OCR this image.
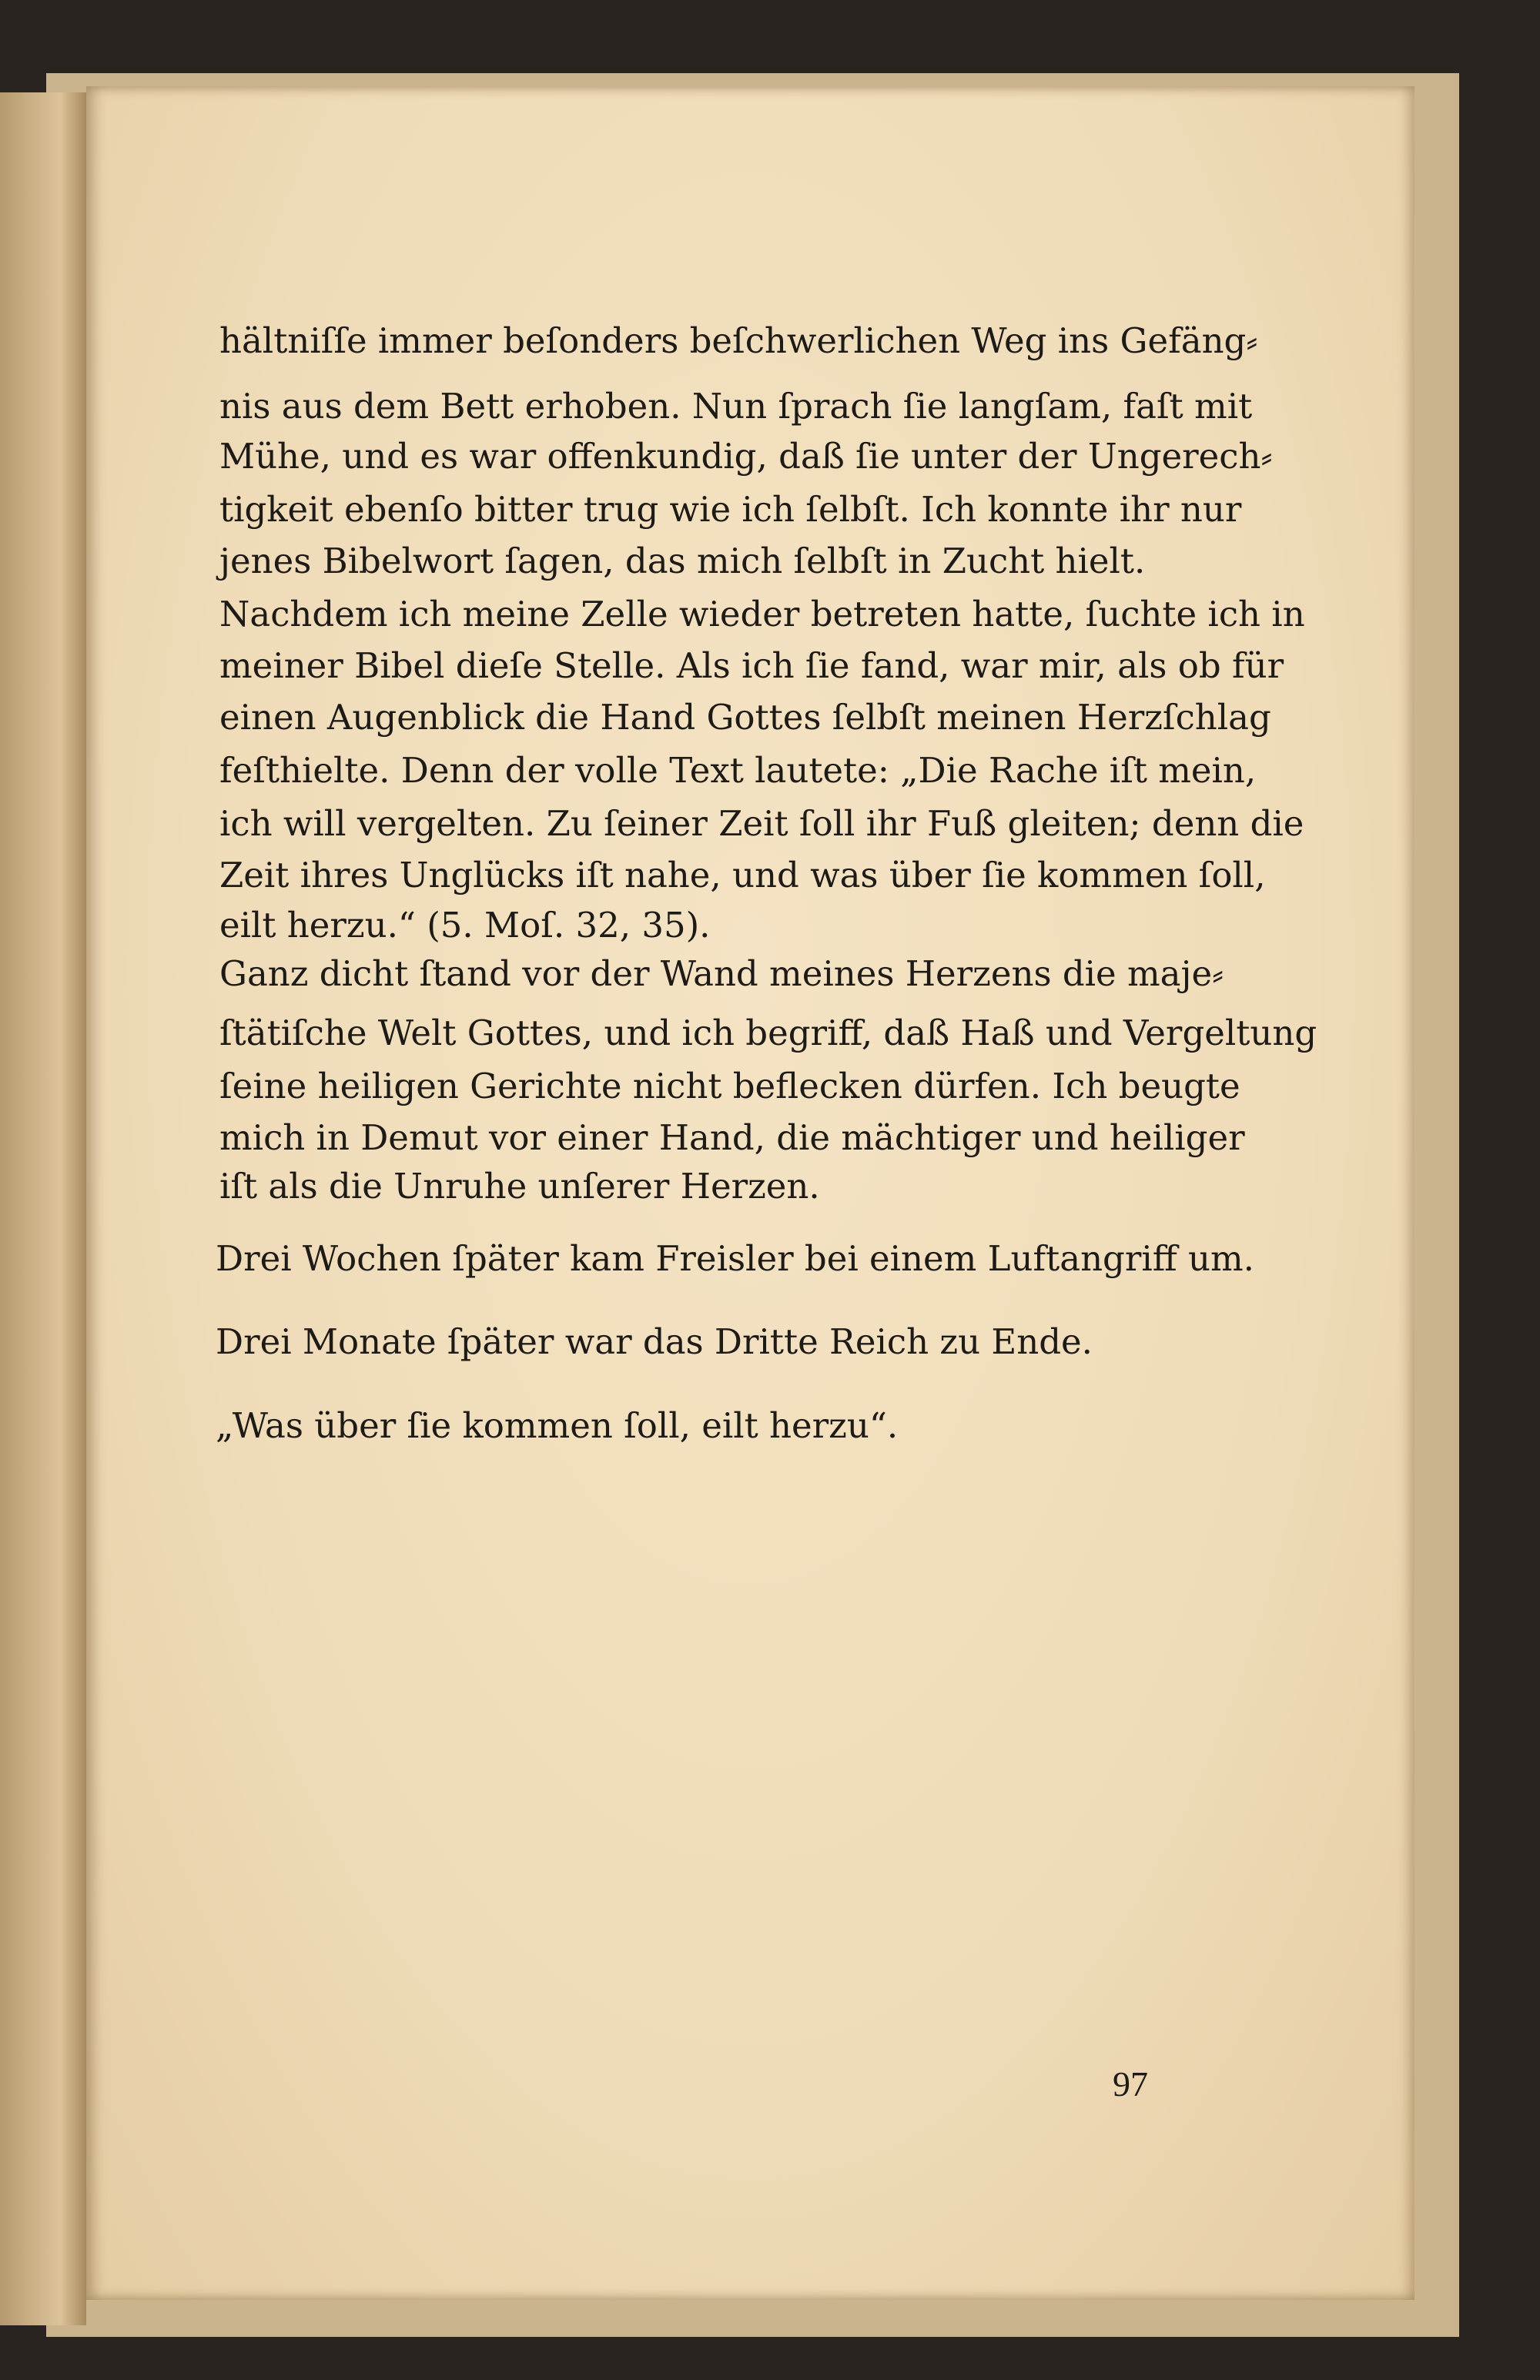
hältniſſe immer beſonders beſchwerlichen Weg ins Gefäng⸗
nis aus dem Bett erhoben. Nun ſprach ſie langſam, faſt mit
Mühe, und es war offenkundig, daß ſie unter der Ungerech⸗
tigkeit ebenſo bitter trug wie ich ſelbſt. Ich konnte ihr nur
jenes Bibelwort ſagen, das mich ſelbſt in Zucht hielt.
Nachdem ich meine Zelle wieder betreten hatte, ſuchte ich in
meiner Bibel dieſe Stelle. Als ich ſie fand, war mir, als ob für
einen Augenblick die Hand Gottes ſelbſt meinen Herzſchlag
feſthielte. Denn der volle Text lautete: „Die Rache iſt mein,
ich will vergelten. Zu ſeiner Zeit ſoll ihr Fuß gleiten; denn die
Zeit ihres Unglücks iſt nahe, und was über ſie kommen ſoll,
eilt herzu.“ (5. Moſ. 32, 35).
Ganz dicht ſtand vor der Wand meines Herzens die maje⸗
ſtätiſche Welt Gottes, und ich begriff, daß Haß und Vergeltung
ſeine heiligen Gerichte nicht beflecken dürfen. Ich beugte
mich in Demut vor einer Hand, die mächtiger und heiliger
iſt als die Unruhe unſerer Herzen.
Drei Wochen ſpäter kam Freisler bei einem Luftangriff um.
Drei Monate ſpäter war das Dritte Reich zu Ende.
„Was über ſie kommen ſoll, eilt herzu“.
97
